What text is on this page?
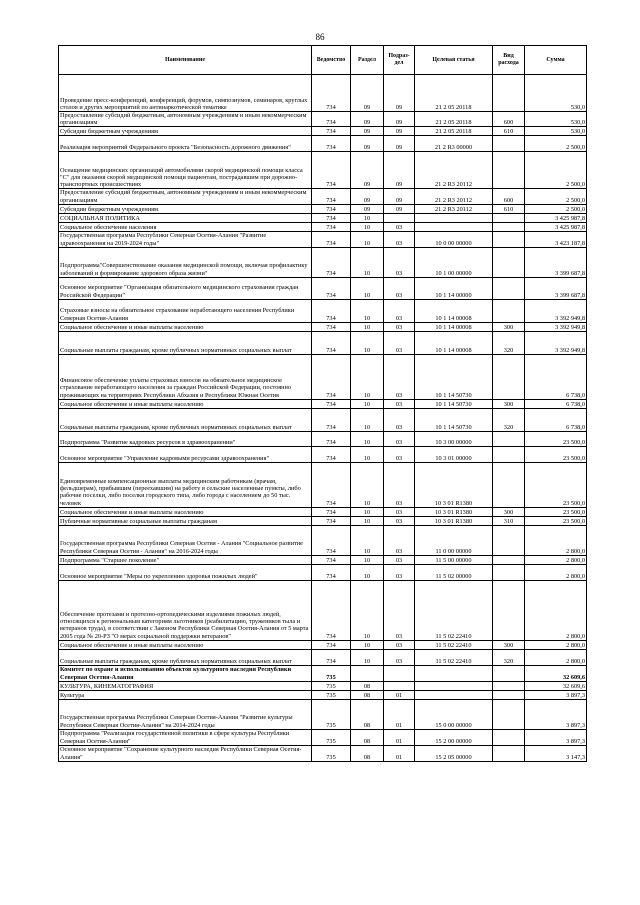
86
Наименование	Ведомство	Раздел	Подраз-дел	Целевая статья	Вид расхода	Сумма
Проведение пресс-конференций, конференций, форумов, симпозиумов, семинаров, круглых столов и других мероприятий по антинаркотической тематике	734	09	09	21 2 05 20118		530,0
Предоставление субсидий бюджетным, автономным учреждениям и иным некоммерческим организациям	734	09	09	21 2 05 20118	600	530,0
Субсидии бюджетным учреждениям	734	09	09	21 2 05 20118	610	530,0
Реализация мероприятий Федерального проекта "Безопасность дорожного движения"	734	09	09	21 2 R3 00000		2 500,0
Оснащение медицинских организаций автомобилями скорой медицинской помощи класса "С" для оказания скорой медицинской помощи пациентам, пострадавшим при дорожно-транспортных происшествиях	734	09	09	21 2 R3 20112		2 500,0
Предоставление субсидий бюджетным, автономным учреждениям и иным некоммерческим организациям	734	09	09	21 2 R3 20112	600	2 500,0
Субсидии бюджетным учреждениям	734	09	09	21 2 R3 20112	610	2 500,0
СОЦИАЛЬНАЯ ПОЛИТИКА	734	10				3 425 987,8
Социальное обеспечение населения	734	10	03			3 425 987,8
Государственная программа Республики Северная Осетия-Алания "Развитие здравоохранения на 2019-2024 годы"	734	10	03	10 0 00 00000		3 423 187,8
Подпрограмма"Совершенствование оказания медицинской помощи, включая профилактику заболеваний и формирование здорового образа жизни"	734	10	03	10 1 00 00000		3 399 687,8
Основное мероприятие "Организация обязательного медицинского страхования граждан Российской Федерации"	734	10	03	10 1 14 00000		3 399 687,8
Страховые взносы на обязательное страхование неработающего населения Республики Северная Осетия-Алания	734	10	03	10 1 14 00008		3 392 949,8
Социальное обеспечение и иные выплаты населению	734	10	03	10 1 14 00008	300	3 392 949,8
Социальные выплаты гражданам, кроме публичных нормативных социальных выплат	734	10	03	10 1 14 00008	320	3 392 949,8
Финансовое обеспечение уплаты страховых взносов на обязательное медицинское страхование неработающего населения за граждан Российской Федерации, постоянно проживающих на территориях Республики Абхазия и Республики Южная Осетия	734	10	03	10 1 14 50730		6 738,0
Социальное обеспечение и иные выплаты населению	734	10	03	10 1 14 50730	300	6 738,0
Социальные выплаты гражданам, кроме публичных нормативных социальных выплат	734	10	03	10 1 14 50730	320	6 738,0
Подпрограмма "Развитие кадровых ресурсов в здравоохранении"	734	10	03	10 3 00 00000		23 500,0
Основное мероприятие "Управление кадровыми ресурсами здравоохранения"	734	10	03	10 3 01 00000		23 500,0
Единовременные компенсационные выплаты медицинским работникам (врачам, фельдшерам), прибывшим (переехавшим) на работу в сельские населенные пункты, либо рабочие поселки, либо поселки городского типа, либо города с населением до 50 тыс. человек	734	10	03	10 3 01 R1380		23 500,0
Социальное обеспечение и иные выплаты населению	734	10	03	10 3 01 R1380	300	23 500,0
Публичные нормативные социальные выплаты гражданам	734	10	03	10 3 01 R1380	310	23 500,0
Государственная программа Республики Северная Осетия - Алания "Социальное развитие Республики Северная Осетия - Алания" на 2016-2024 годы	734	10	03	11 0 00 00000		2 800,0
Подпрограмма "Старшее поколение"	734	10	03	11 5 00 00000		2 800,0
Основное мероприятие "Меры по укреплению здоровья пожилых людей"	734	10	03	11 5 02 00000		2 800,0
Обеспечение протезами и протезно-ортопедическими изделиями пожилых людей, относящихся к региональным категориям льготников (реабилитацию, тружеников тыла и ветеранов труда), в соответствии с Законом Республики Северная Осетия-Алания от 5 марта 2005 года № 20-РЗ "О мерах социальной поддержки ветеранов"	734	10	03	11 5 02 22410		2 800,0
Социальное обеспечение и иные выплаты населению	734	10	03	11 5 02 22410	300	2 800,0
Социальные выплаты гражданам, кроме публичных нормативных социальных выплат	734	10	03	11 5 02 22410	320	2 800,0
Комитет по охране и использованию объектов культурного наследия Республики Северная Осетия-Алания	735					32 609,6
КУЛЬТУРА, КИНЕМАТОГРАФИЯ	735	08				32 609,6
Культура	735	08	01			3 897,3
Государственная программа Республики Северная Осетия-Алания "Развитие культуры Республики Северная Осетия-Алания" на 2014-2024 годы	735	08	01	15 0 00 00000		3 897,3
Подпрограмма "Реализация государственной политики в сфере культуры Республики Северная Осетия-Алания"	735	08	01	15 2 00 00000		3 897,3
Основное мероприятие "Сохранение культурного наследия Республики Северная Осетия-Алания"	735	08	01	15 2 05 00000		3 147,3
